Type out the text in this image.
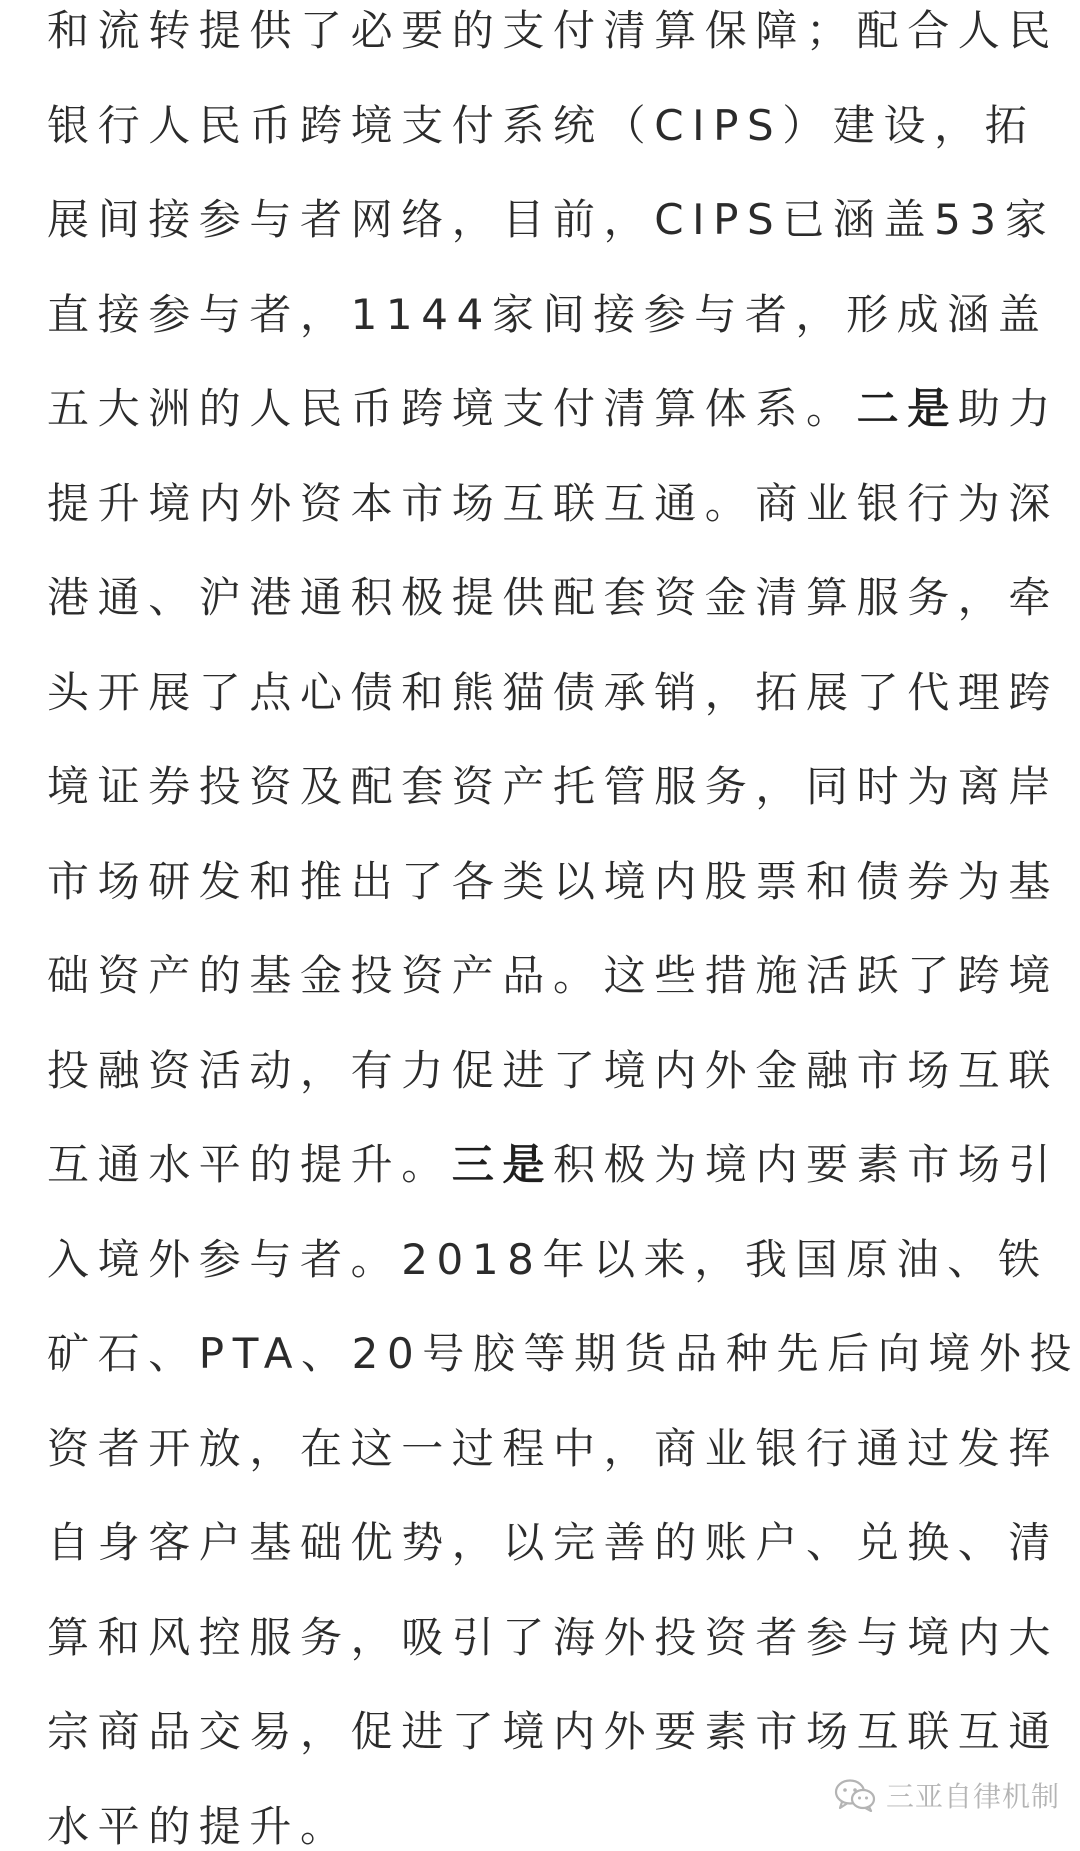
和流转提供了必要的支付清算保障；配合人民
银行人民币跨境支付系统（CIPS）建设，拓
展间接参与者网络，目前，CIPS已涵盖53家
直接参与者，1144家间接参与者，形成涵盖
五大洲的人民币跨境支付清算体系。二是助力
提升境内外资本市场互联互通。商业银行为深
港通、沪港通积极提供配套资金清算服务，牵
头开展了点心债和熊猫债承销，拓展了代理跨
境证券投资及配套资产托管服务，同时为离岸
市场研发和推出了各类以境内股票和债券为基
础资产的基金投资产品。这些措施活跃了跨境
投融资活动，有力促进了境内外金融市场互联
互通水平的提升。三是积极为境内要素市场引
入境外参与者。2018年以来，我国原油、铁
矿石、PTA、20号胶等期货品种先后向境外投
资者开放，在这一过程中，商业银行通过发挥
自身客户基础优势，以完善的账户、兑换、清
算和风控服务，吸引了海外投资者参与境内大
宗商品交易，促进了境内外要素市场互联互通
水平的提升。
三亚自律机制
